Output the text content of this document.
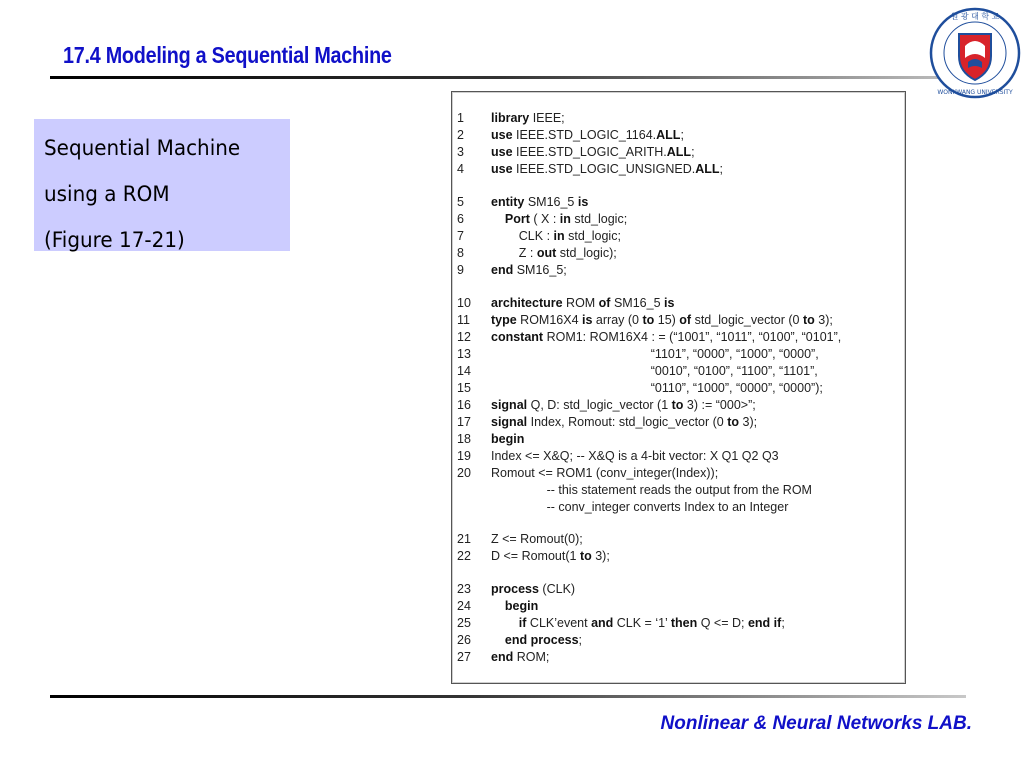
17.4 Modeling a Sequential Machine
원 광 대 학 교
WONKWANG UNIVERSITY
Sequential Machine
using a ROM
(Figure 17-21)
1	library IEEE;
2	use IEEE.STD_LOGIC_1164.ALL;
3	use IEEE.STD_LOGIC_ARITH.ALL;
4	use IEEE.STD_LOGIC_UNSIGNED.ALL;
5	entity SM16_5 is
6	Port ( X : in std_logic;
7	CLK : in std_logic;
8	Z : out std_logic);
9	end SM16_5;
10	architecture ROM of SM16_5 is
11	type ROM16X4 is array (0 to 15) of std_logic_vector (0 to 3);
12	constant ROM1: ROM16X4 : = (“1001”, “1011”, “0100”, “0101”,
13	“1101”, “0000”, “1000”, “0000”,
14	“0010”, “0100”, “1100”, “1101”,
15	“0110”, “1000”, “0000”, “0000”);
16	signal Q, D: std_logic_vector (1 to 3) := “000>”;
17	signal Index, Romout: std_logic_vector (0 to 3);
18	begin
19	Index <= X&Q; -- X&Q is a 4-bit vector: X Q1 Q2 Q3
20	Romout <= ROM1 (conv_integer(Index));
-- this statement reads the output from the ROM
-- conv_integer converts Index to an Integer
21	Z <= Romout(0);
22	D <= Romout(1 to 3);
23	process (CLK)
24	begin
25	if CLK’event and CLK = ‘1’ then Q <= D; end if;
26	end process;
27	end ROM;
Nonlinear & Neural Networks LAB.
